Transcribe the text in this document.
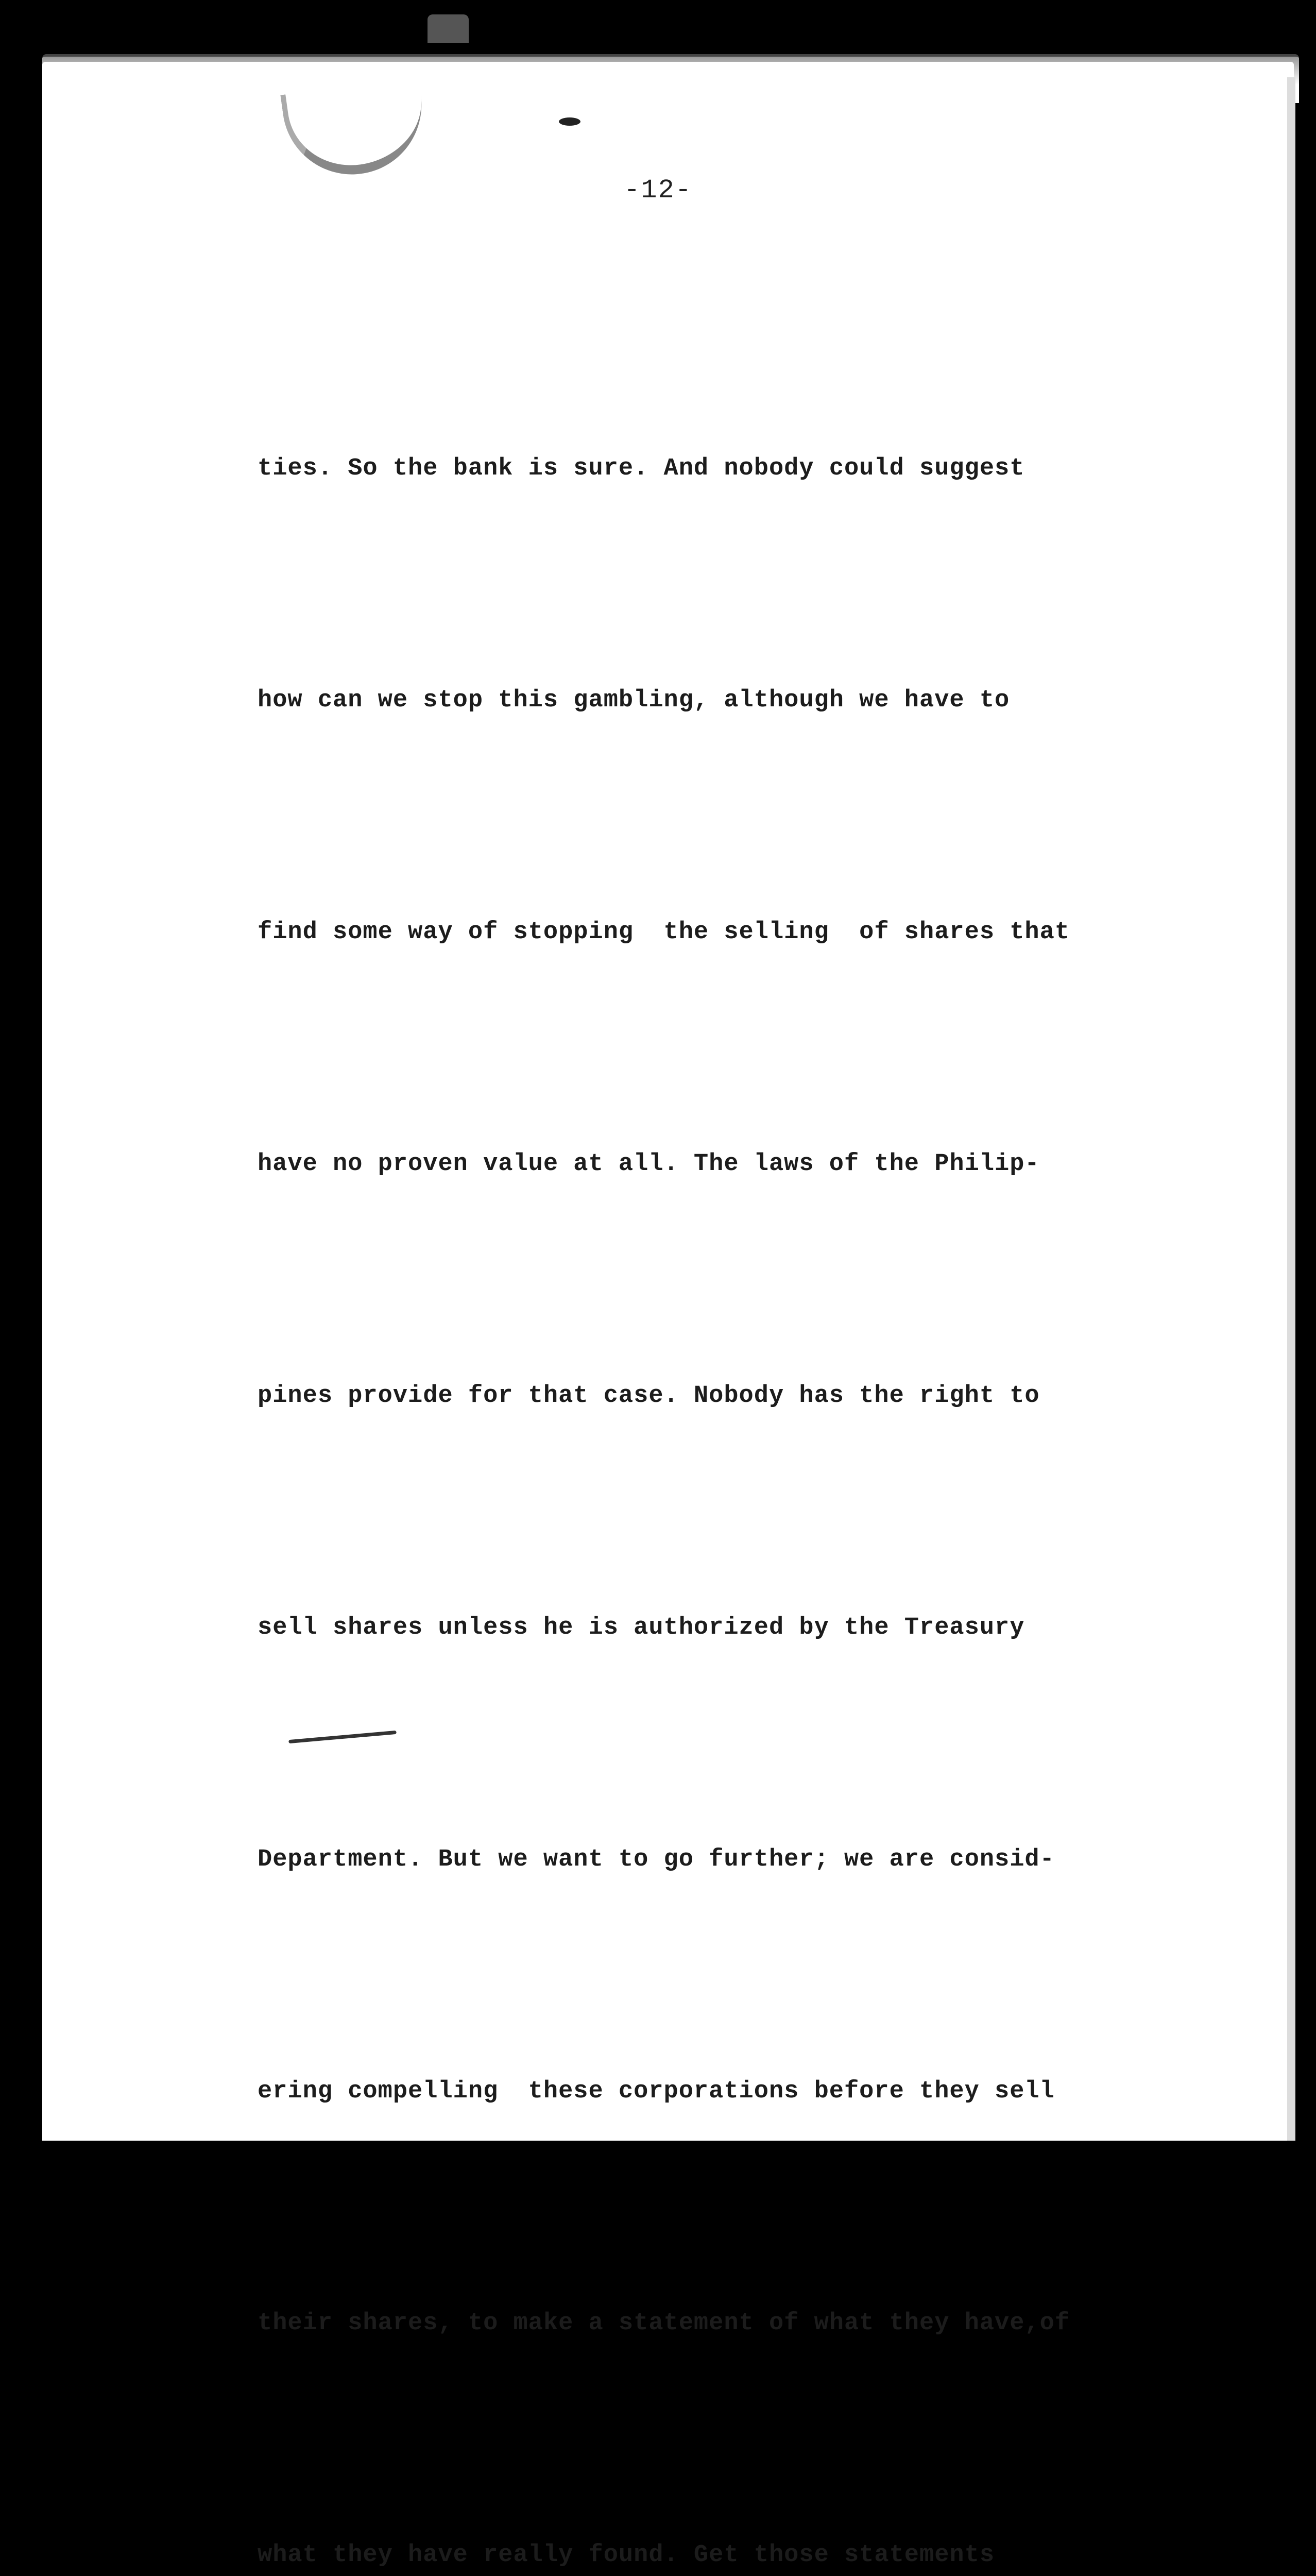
-12-

ties. So the bank is sure. And nobody could suggest

how can we stop this gambling, although we have to

find some way of stopping  the selling  of shares that

have no proven value at all. The laws of the Philip-

pines provide for that case. Nobody has the right to

sell shares unless he is authorized by the Treasury

Department. But we want to go further; we are consid-

ering compelling  these corporations before they sell

their shares, to make a statement of what they have,of

what they have really found. Get those statements
